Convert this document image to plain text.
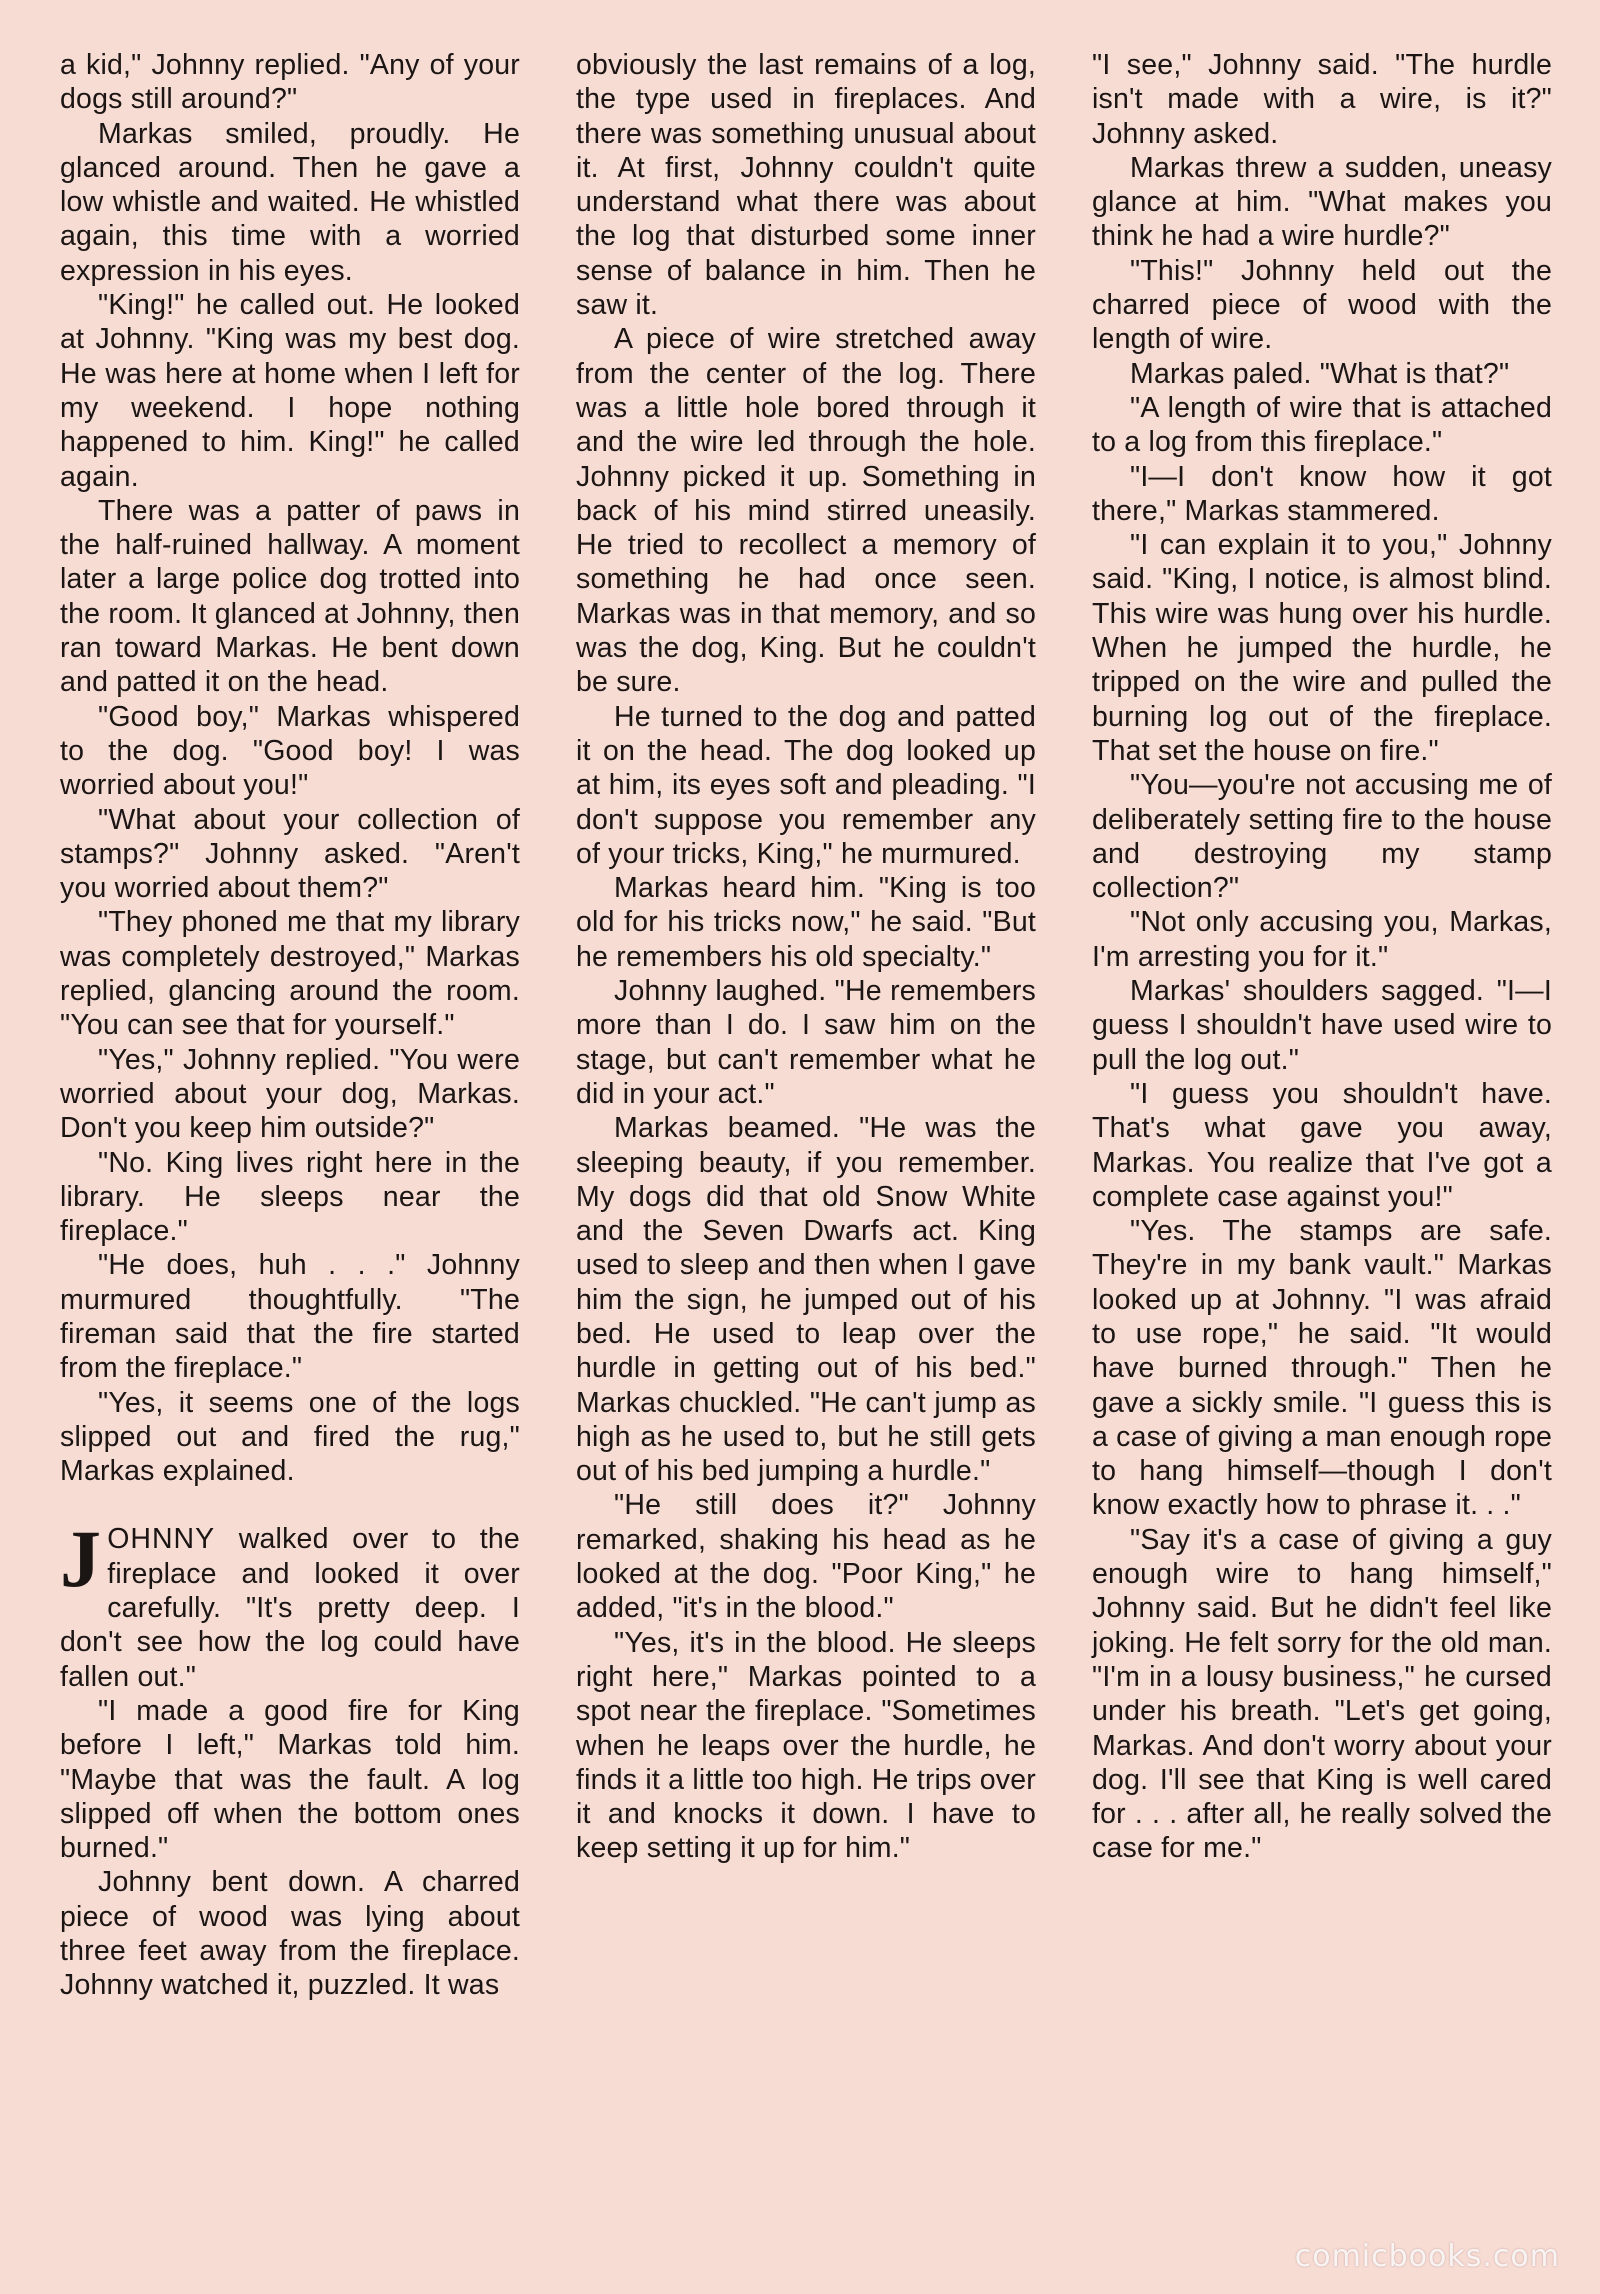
a kid," Johnny replied. "Any of your dogs still around?"

Markas smiled, proudly. He glanced around. Then he gave a low whistle and waited. He whistled again, this time with a worried expression in his eyes.

"King!" he called out. He looked at Johnny. "King was my best dog. He was here at home when I left for my weekend. I hope nothing happened to him. King!" he called again.

There was a patter of paws in the half-ruined hallway. A moment later a large police dog trotted into the room. It glanced at Johnny, then ran toward Markas. He bent down and patted it on the head.

"Good boy," Markas whispered to the dog. "Good boy! I was worried about you!"

"What about your collection of stamps?" Johnny asked. "Aren't you worried about them?"

"They phoned me that my library was completely destroyed," Markas replied, glancing around the room. "You can see that for yourself."

"Yes," Johnny replied. "You were worried about your dog, Markas. Don't you keep him outside?"

"No. King lives right here in the library. He sleeps near the fireplace."

"He does, huh . . ." Johnny murmured thoughtfully. "The fireman said that the fire started from the fireplace."

"Yes, it seems one of the logs slipped out and fired the rug," Markas explained.

JOHNNY walked over to the fireplace and looked it over carefully. "It's pretty deep. I don't see how the log could have fallen out."

"I made a good fire for King before I left," Markas told him. "Maybe that was the fault. A log slipped off when the bottom ones burned."

Johnny bent down. A charred piece of wood was lying about three feet away from the fireplace. Johnny watched it, puzzled. It was

obviously the last remains of a log, the type used in fireplaces. And there was something unusual about it. At first, Johnny couldn't quite understand what there was about the log that disturbed some inner sense of balance in him. Then he saw it.

A piece of wire stretched away from the center of the log. There was a little hole bored through it and the wire led through the hole. Johnny picked it up. Something in back of his mind stirred uneasily. He tried to recollect a memory of something he had once seen. Markas was in that memory, and so was the dog, King. But he couldn't be sure.

He turned to the dog and patted it on the head. The dog looked up at him, its eyes soft and pleading. "I don't suppose you remember any of your tricks, King," he murmured.

Markas heard him. "King is too old for his tricks now," he said. "But he remembers his old specialty."

Johnny laughed. "He remembers more than I do. I saw him on the stage, but can't remember what he did in your act."

Markas beamed. "He was the sleeping beauty, if you remember. My dogs did that old Snow White and the Seven Dwarfs act. King used to sleep and then when I gave him the sign, he jumped out of his bed. He used to leap over the hurdle in getting out of his bed." Markas chuckled. "He can't jump as high as he used to, but he still gets out of his bed jumping a hurdle."

"He still does it?" Johnny remarked, shaking his head as he looked at the dog. "Poor King," he added, "it's in the blood."

"Yes, it's in the blood. He sleeps right here," Markas pointed to a spot near the fireplace. "Sometimes when he leaps over the hurdle, he finds it a little too high. He trips over it and knocks it down. I have to keep setting it up for him."

"I see," Johnny said. "The hurdle isn't made with a wire, is it?" Johnny asked.

Markas threw a sudden, uneasy glance at him. "What makes you think he had a wire hurdle?"

"This!" Johnny held out the charred piece of wood with the length of wire.

Markas paled. "What is that?"

"A length of wire that is attached to a log from this fireplace."

"I—I don't know how it got there," Markas stammered.

"I can explain it to you," Johnny said. "King, I notice, is almost blind. This wire was hung over his hurdle. When he jumped the hurdle, he tripped on the wire and pulled the burning log out of the fireplace. That set the house on fire."

"You—you're not accusing me of deliberately setting fire to the house and destroying my stamp collection?"

"Not only accusing you, Markas, I'm arresting you for it."

Markas' shoulders sagged. "I—I guess I shouldn't have used wire to pull the log out."

"I guess you shouldn't have. That's what gave you away, Markas. You realize that I've got a complete case against you!"

"Yes. The stamps are safe. They're in my bank vault." Markas looked up at Johnny. "I was afraid to use rope," he said. "It would have burned through." Then he gave a sickly smile. "I guess this is a case of giving a man enough rope to hang himself—though I don't know exactly how to phrase it. . ."

"Say it's a case of giving a guy enough wire to hang himself," Johnny said. But he didn't feel like joking. He felt sorry for the old man. "I'm in a lousy business," he cursed under his breath. "Let's get going, Markas. And don't worry about your dog. I'll see that King is well cared for . . . after all, he really solved the case for me."

comicbooks.com
